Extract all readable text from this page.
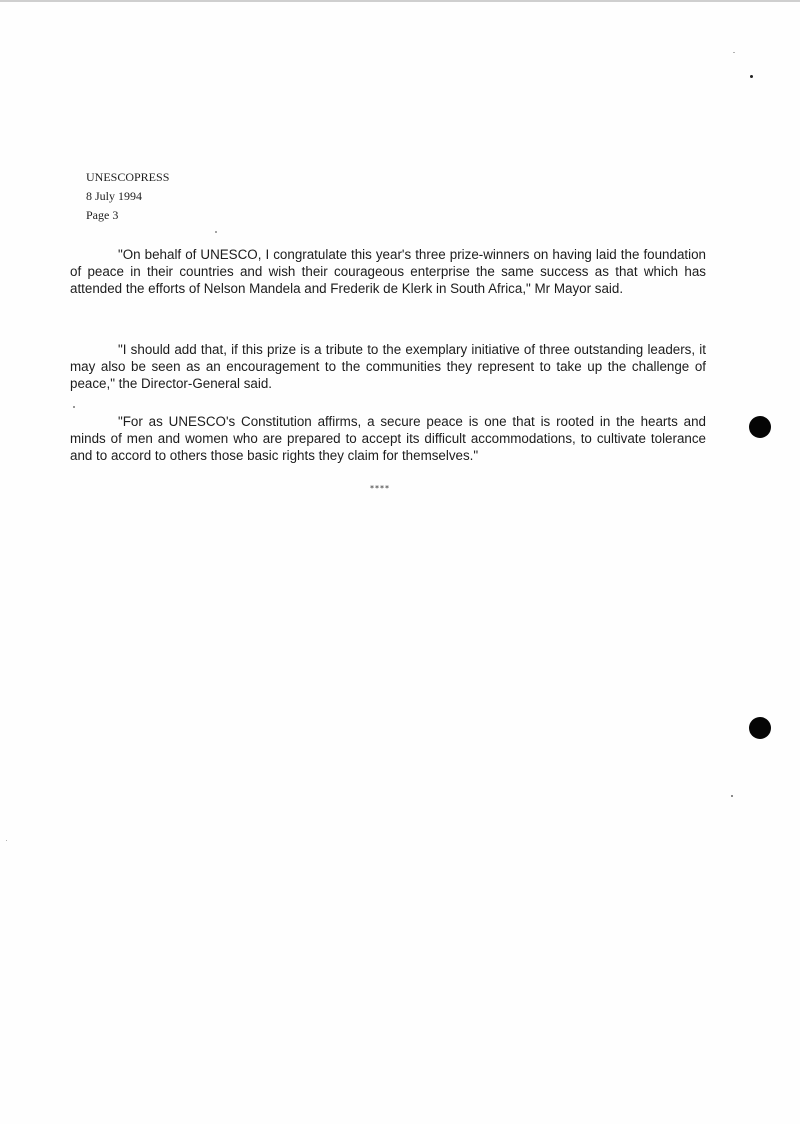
UNESCOPRESS
8 July 1994
Page 3

"On behalf of UNESCO, I congratulate this year's three prize-winners on having laid the foundation of peace in their countries and wish their courageous enterprise the same success as that which has attended the efforts of Nelson Mandela and Frederik de Klerk in South Africa," Mr Mayor said.

"I should add that, if this prize is a tribute to the exemplary initiative of three outstanding leaders, it may also be seen as an encouragement to the communities they represent to take up the challenge of peace," the Director-General said.

"For as UNESCO's Constitution affirms, a secure peace is one that is rooted in the hearts and minds of men and women who are prepared to accept its difficult accommodations, to cultivate tolerance and to accord to others those basic rights they claim for themselves."

****
